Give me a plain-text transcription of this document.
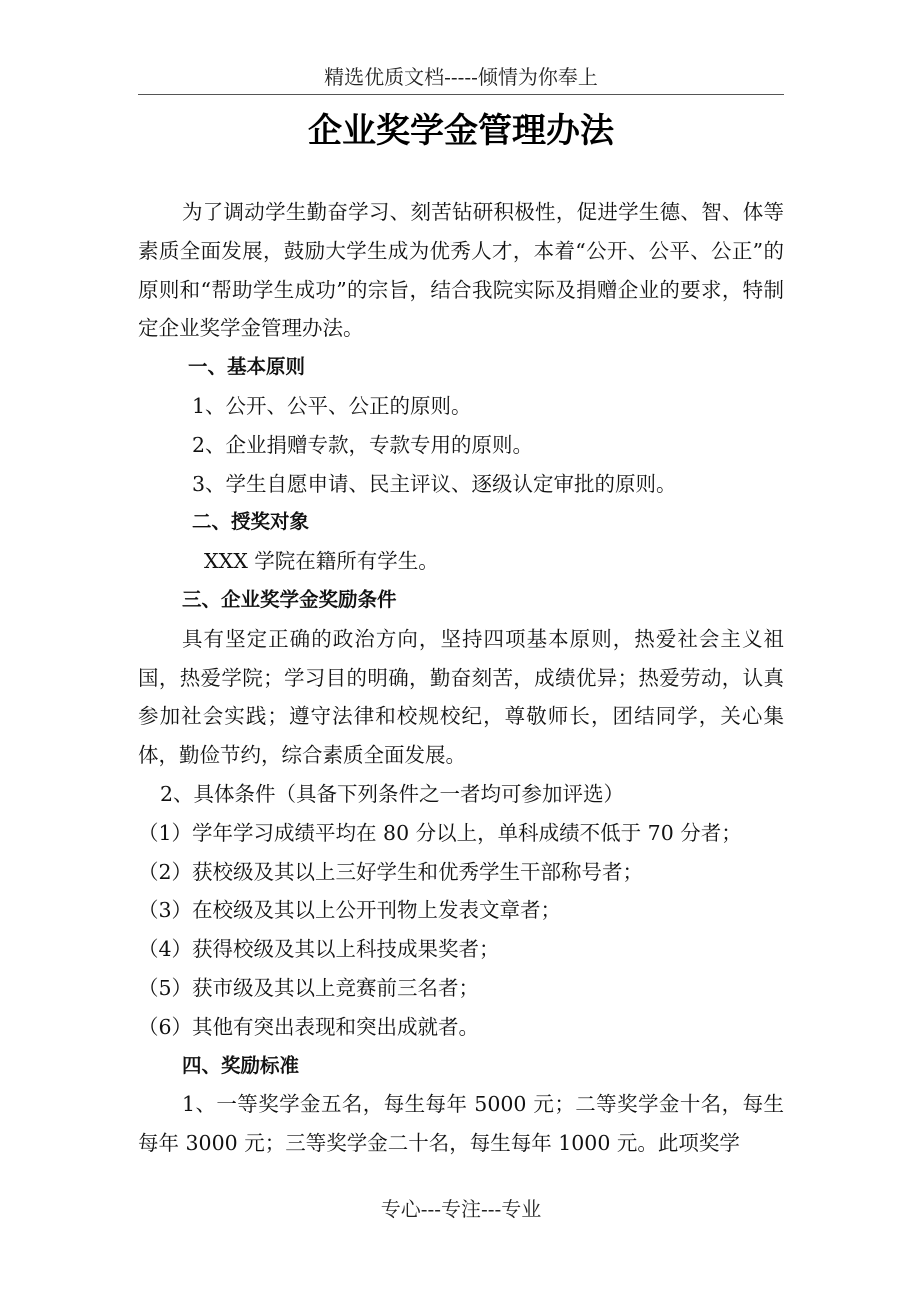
精选优质文档-----倾情为你奉上
企业奖学金管理办法

为了调动学生勤奋学习、刻苦钻研积极性，促进学生德、智、体等素质全面发展，鼓励大学生成为优秀人才，本着“公开、公平、公正”的原则和“帮助学生成功”的宗旨，结合我院实际及捐赠企业的要求，特制定企业奖学金管理办法。

一、基本原则

1、公开、公平、公正的原则。

2、企业捐赠专款，专款专用的原则。

3、学生自愿申请、民主评议、逐级认定审批的原则。

二、授奖对象

XXX 学院在籍所有学生。

三、企业奖学金奖励条件

具有坚定正确的政治方向，坚持四项基本原则，热爱社会主义祖国，热爱学院；学习目的明确，勤奋刻苦，成绩优异；热爱劳动，认真参加社会实践；遵守法律和校规校纪，尊敬师长，团结同学，关心集体，勤俭节约，综合素质全面发展。

2、具体条件（具备下列条件之一者均可参加评选）

（1）学年学习成绩平均在 80 分以上，单科成绩不低于 70 分者；

（2）获校级及其以上三好学生和优秀学生干部称号者；

（3）在校级及其以上公开刊物上发表文章者；

（4）获得校级及其以上科技成果奖者；

（5）获市级及其以上竞赛前三名者；

（6）其他有突出表现和突出成就者。

四、奖励标准

1、一等奖学金五名，每生每年 5000 元；二等奖学金十名，每生每年 3000 元；三等奖学金二十名，每生每年 1000 元。此项奖学

专心---专注---专业
